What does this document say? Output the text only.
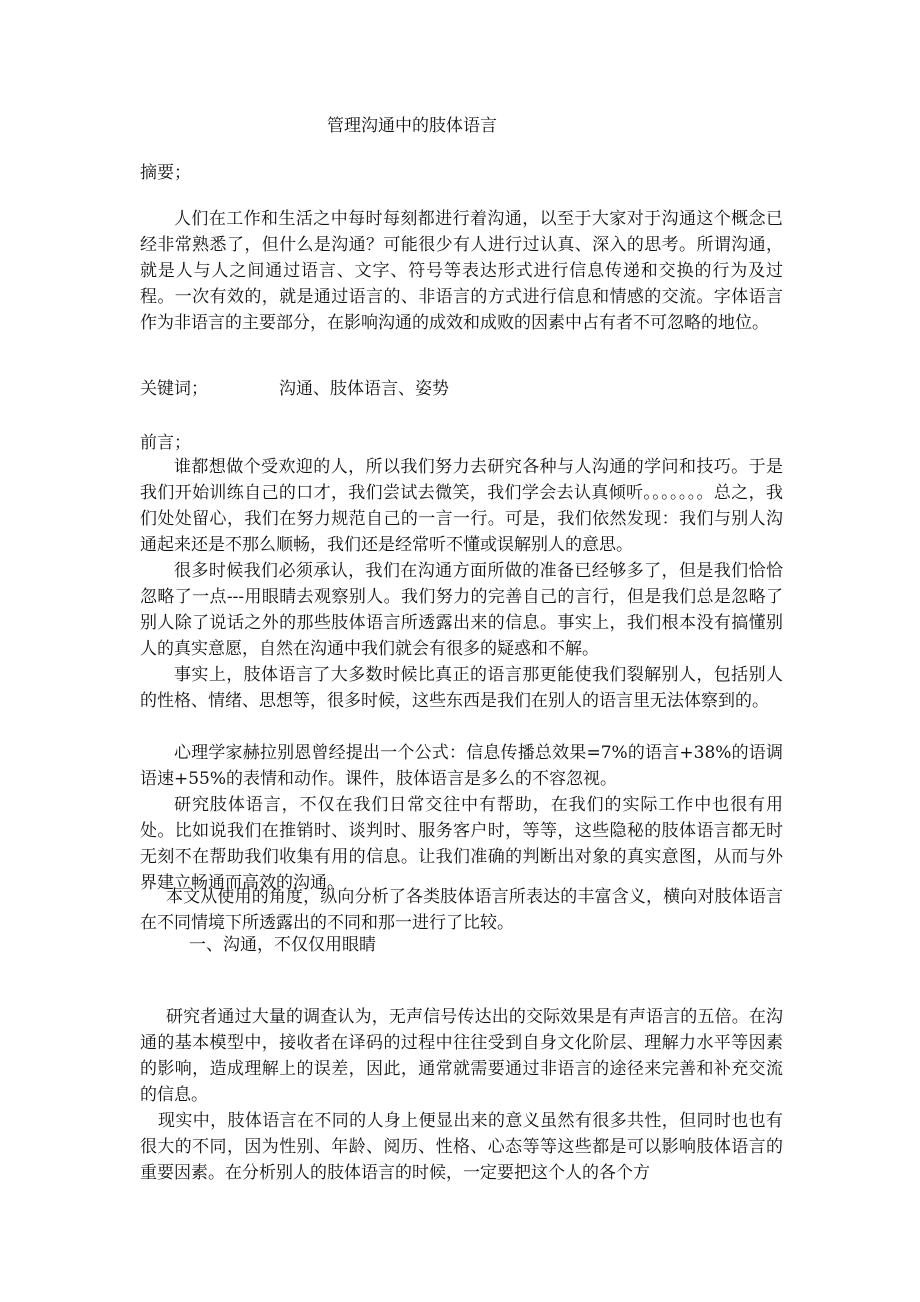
管理沟通中的肢体语言
摘要；

人们在工作和生活之中每时每刻都进行着沟通，以至于大家对于沟通这个概念已经非常熟悉了，但什么是沟通？可能很少有人进行过认真、深入的思考。所谓沟通，就是人与人之间通过语言、文字、符号等表达形式进行信息传递和交换的行为及过程。一次有效的，就是通过语言的、非语言的方式进行信息和情感的交流。字体语言作为非语言的主要部分，在影响沟通的成效和成败的因素中占有者不可忽略的地位。

关键词；	沟通、肢体语言、姿势
前言；

谁都想做个受欢迎的人，所以我们努力去研究各种与人沟通的学问和技巧。于是我们开始训练自己的口才，我们尝试去微笑，我们学会去认真倾听。。。。。。。总之，我们处处留心，我们在努力规范自己的一言一行。可是，我们依然发现：我们与别人沟通起来还是不那么顺畅，我们还是经常听不懂或误解别人的意思。

很多时候我们必须承认，我们在沟通方面所做的准备已经够多了，但是我们恰恰忽略了一点---用眼睛去观察别人。我们努力的完善自己的言行，但是我们总是忽略了别人除了说话之外的那些肢体语言所透露出来的信息。事实上，我们根本没有搞懂别人的真实意愿，自然在沟通中我们就会有很多的疑惑和不解。

事实上，肢体语言了大多数时候比真正的语言那更能使我们裂解别人，包括别人的性格、情绪、思想等，很多时候，这些东西是我们在别人的语言里无法体察到的。

心理学家赫拉别恩曾经提出一个公式：信息传播总效果=7%的语言+38%的语调语速+55%的表情和动作。课件，肢体语言是多么的不容忽视。

研究肢体语言，不仅在我们日常交往中有帮助，在我们的实际工作中也很有用处。比如说我们在推销时、谈判时、服务客户时，等等，这些隐秘的肢体语言都无时无刻不在帮助我们收集有用的信息。让我们准确的判断出对象的真实意图，从而与外界建立畅通而高效的沟通。

本文从使用的角度，纵向分析了各类肢体语言所表达的丰富含义，横向对肢体语言在不同情境下所透露出的不同和那一进行了比较。

一、沟通，不仅仅用眼睛

研究者通过大量的调查认为，无声信号传达出的交际效果是有声语言的五倍。在沟通的基本模型中，接收者在译码的过程中往往受到自身文化阶层、理解力水平等因素的影响，造成理解上的误差，因此，通常就需要通过非语言的途径来完善和补充交流的信息。

现实中，肢体语言在不同的人身上便显出来的意义虽然有很多共性，但同时也也有很大的不同，因为性别、年龄、阅历、性格、心态等等这些都是可以影响肢体语言的重要因素。在分析别人的肢体语言的时候，一定要把这个人的各个方
